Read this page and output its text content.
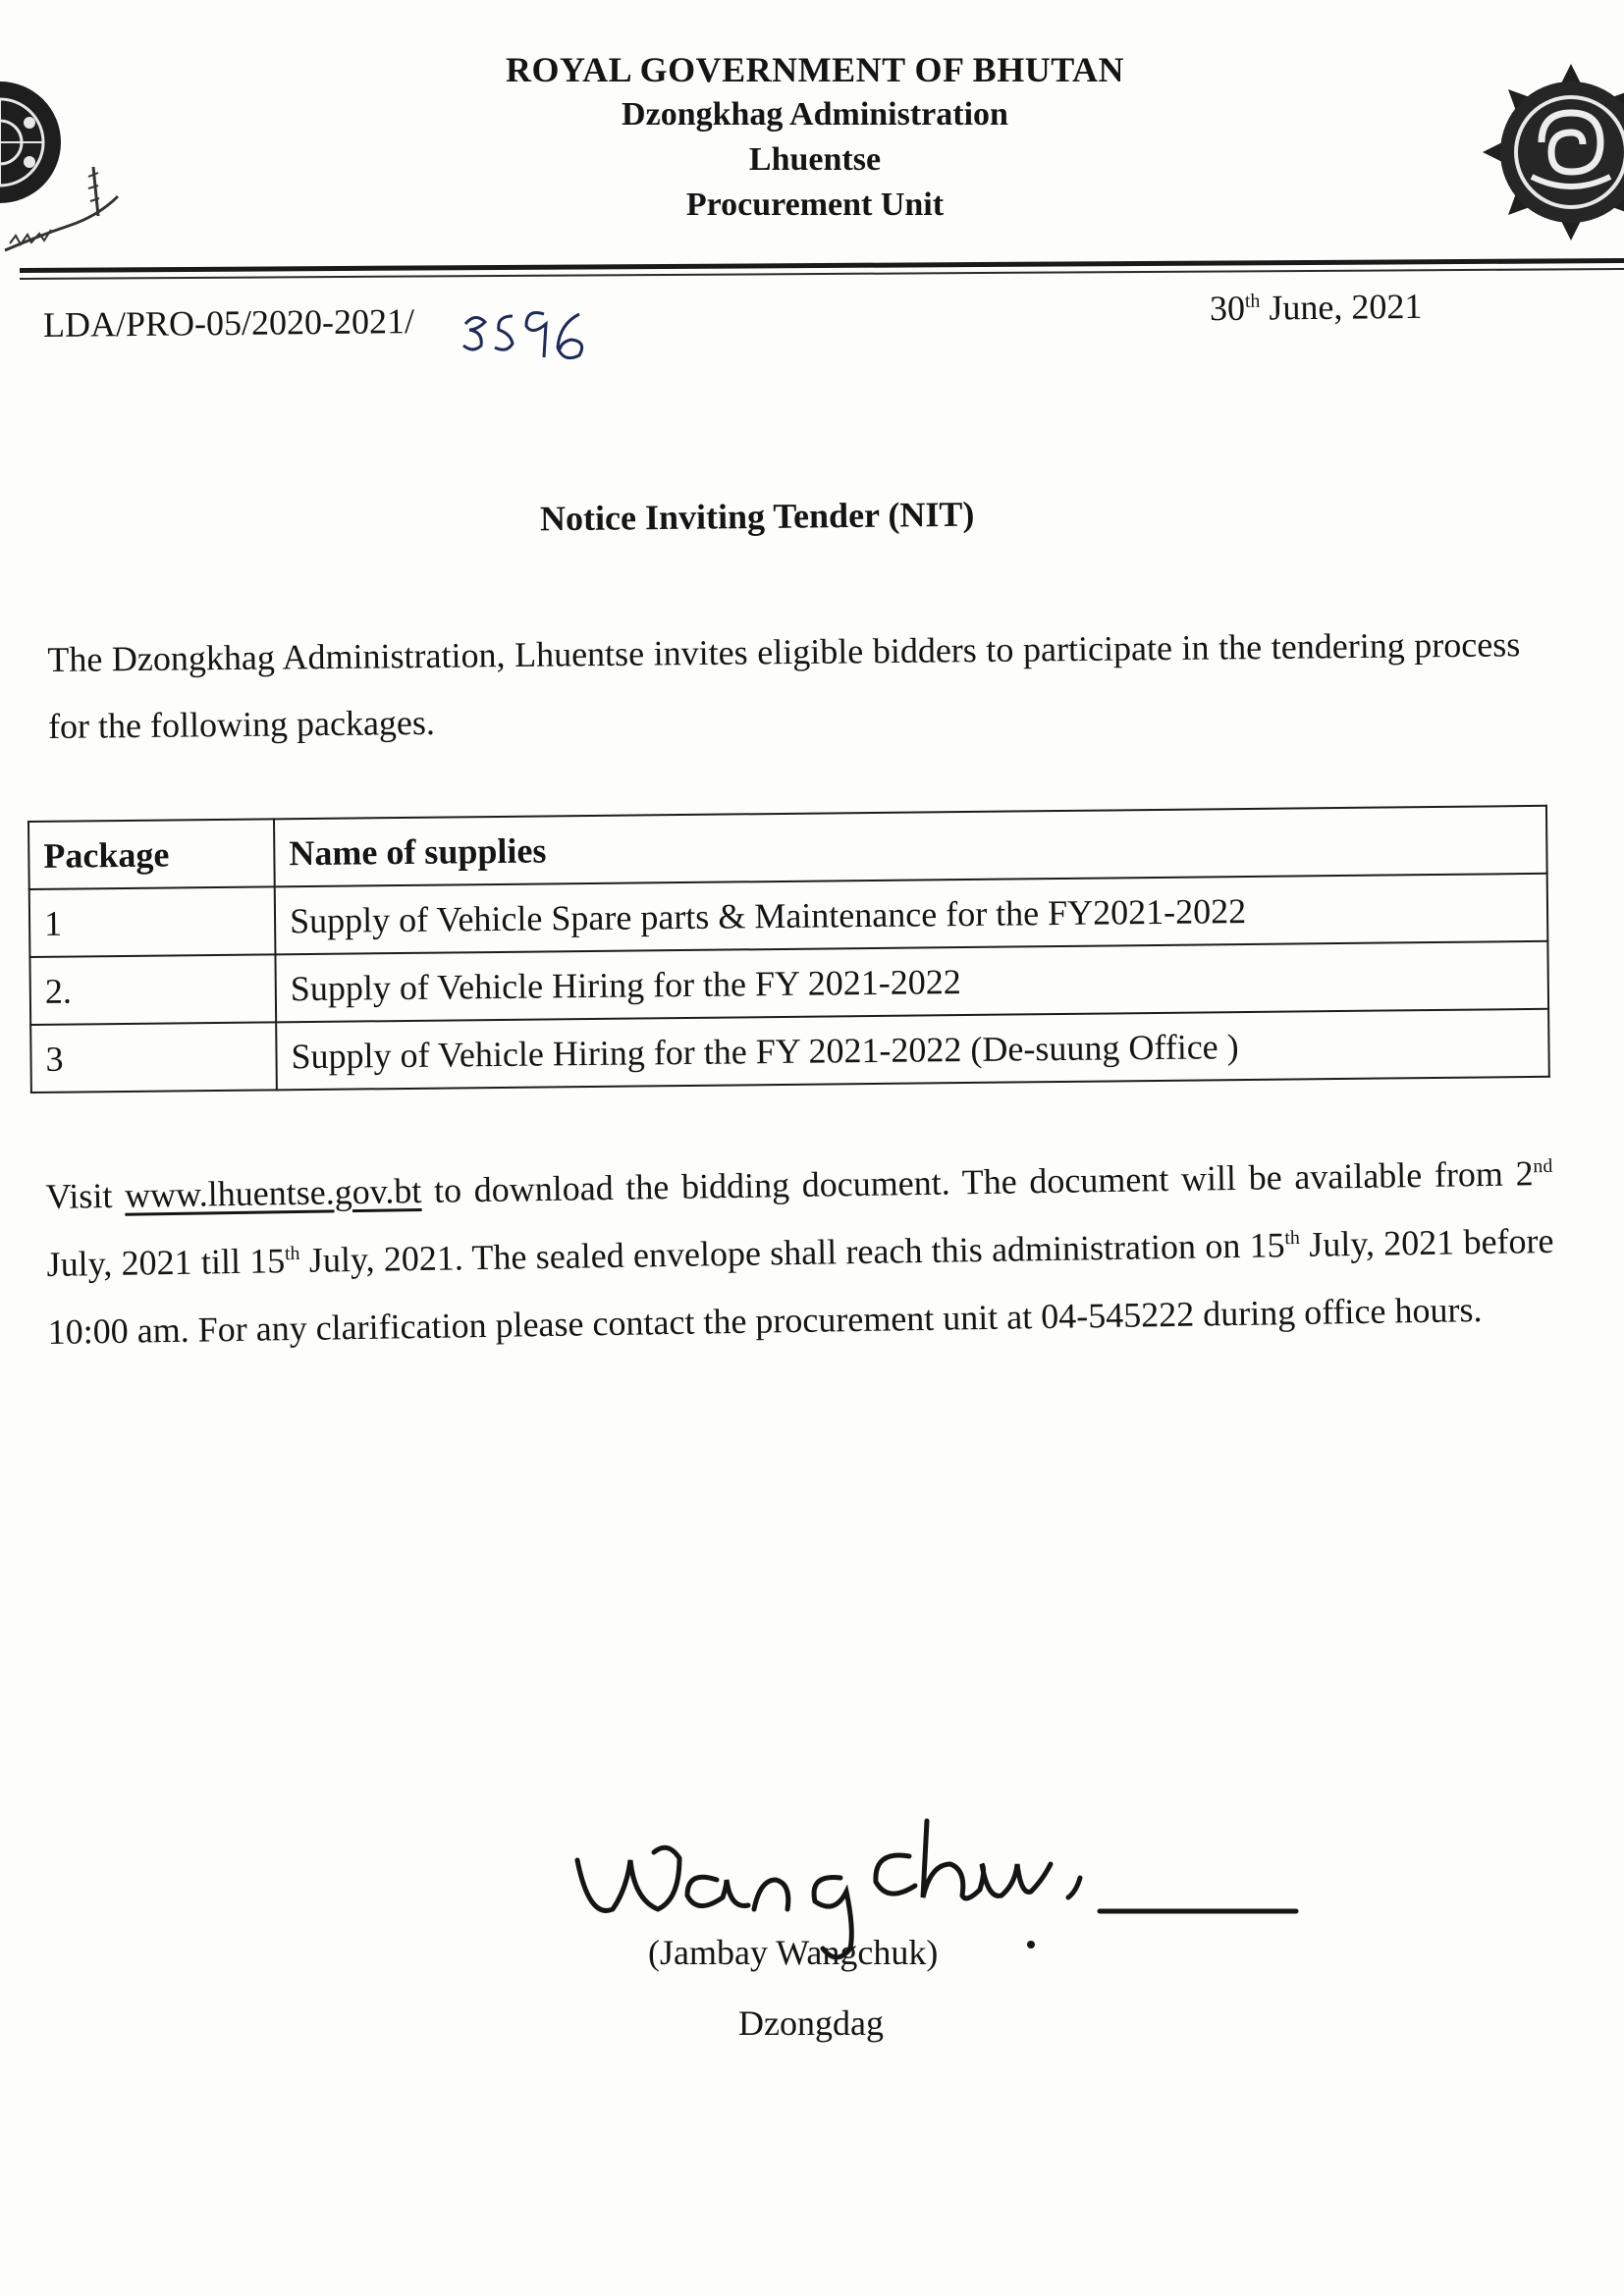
ROYAL GOVERNMENT OF BHUTAN
Dzongkhag Administration
Lhuentse
Procurement Unit
LDA/PRO-05/2020-2021/	30th June, 2021
Notice Inviting Tender (NIT)
The Dzongkhag Administration, Lhuentse invites eligible bidders to participate in the tendering process for the following packages.
Package	Name of supplies
1	Supply of Vehicle Spare parts & Maintenance for the FY2021-2022
2.	Supply of Vehicle Hiring for the FY 2021-2022
3	Supply of Vehicle Hiring for the FY 2021-2022 (De-suung Office )
Visit www.lhuentse.gov.bt to download the bidding document. The document will be available from 2nd July, 2021 till 15th July, 2021. The sealed envelope shall reach this administration on 15th July, 2021 before 10:00 am. For any clarification please contact the procurement unit at 04-545222 during office hours.
(Jambay Wangchuk)
Dzongdag
